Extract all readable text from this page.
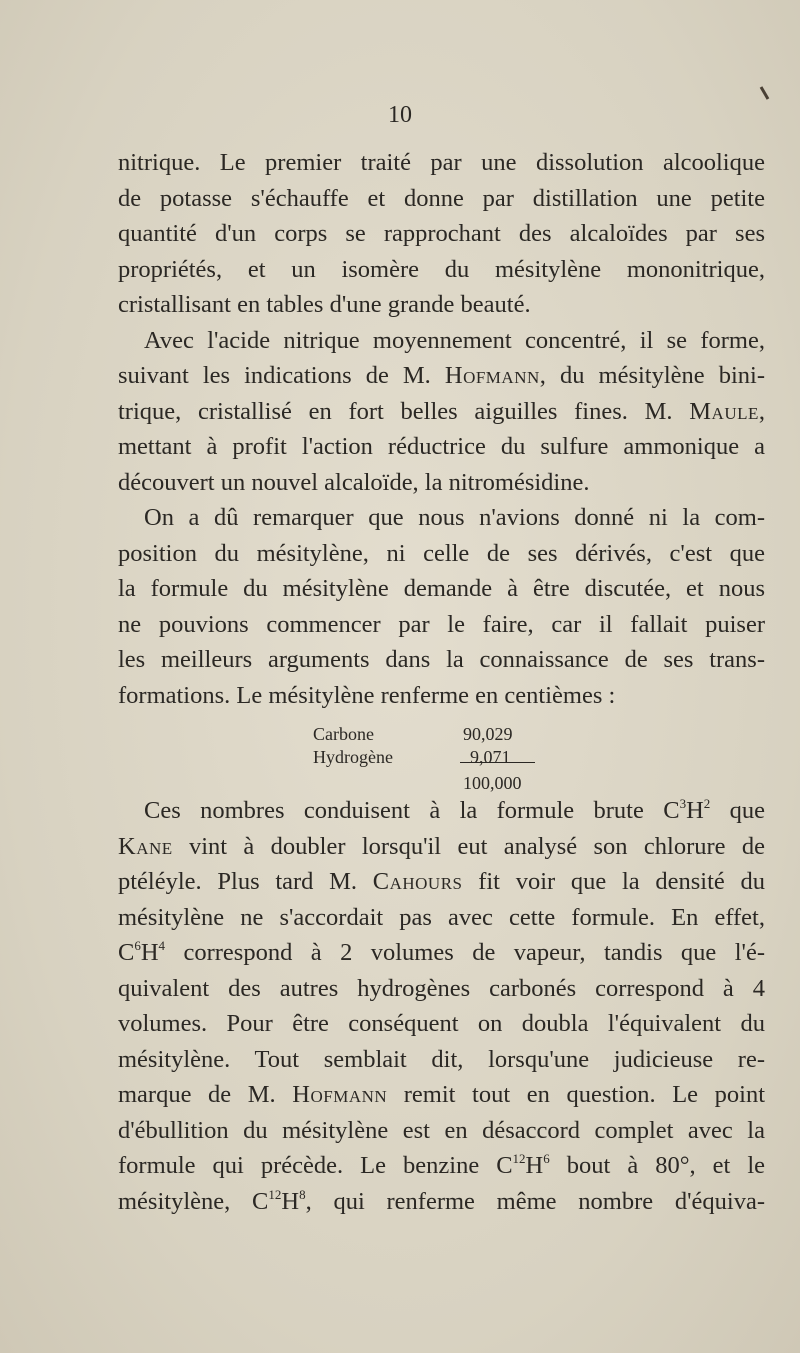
10

nitrique. Le premier traité par une dissolution alcoolique

de potasse s'échauffe et donne par distillation une petite

quantité d'un corps se rapprochant des alcaloïdes par ses

propriétés, et un isomère du mésitylène mononitrique,

cristallisant en tables d'une grande beauté.

Avec l'acide nitrique moyennement concentré, il se forme,

suivant les indications de M. Hofmann, du mésitylène bini-

trique, cristallisé en fort belles aiguilles fines. M. Maule,

mettant à profit l'action réductrice du sulfure ammonique a

découvert un nouvel alcaloïde, la nitromésidine.

On a dû remarquer que nous n'avions donné ni la com-

position du mésitylène, ni celle de ses dérivés, c'est que

la formule du mésitylène demande à être discutée, et nous

ne pouvions commencer par le faire, car il fallait puiser

les meilleurs arguments dans la connaissance de ses trans-

formations. Le mésitylène renferme en centièmes :

Carbone	90,029
Hydrogène	9,071
100,000

Ces nombres conduisent à la formule brute $C^3H^2$ que

Kane vint à doubler lorsqu'il eut analysé son chlorure de

ptéléyle. Plus tard M. Cahours fit voir que la densité du

mésitylène ne s'accordait pas avec cette formule. En effet,

$C^6H^4$ correspond à 2 volumes de vapeur, tandis que l'é-

quivalent des autres hydrogènes carbonés correspond à 4

volumes. Pour être conséquent on doubla l'équivalent du

mésitylène. Tout semblait dit, lorsqu'une judicieuse re-

marque de M. Hofmann remit tout en question. Le point

d'ébullition du mésitylène est en désaccord complet avec la

formule qui précède. Le benzine $C^{12}H^6$ bout à 80°, et le

mésitylène, $C^{12}H^8$, qui renferme même nombre d'équiva-
